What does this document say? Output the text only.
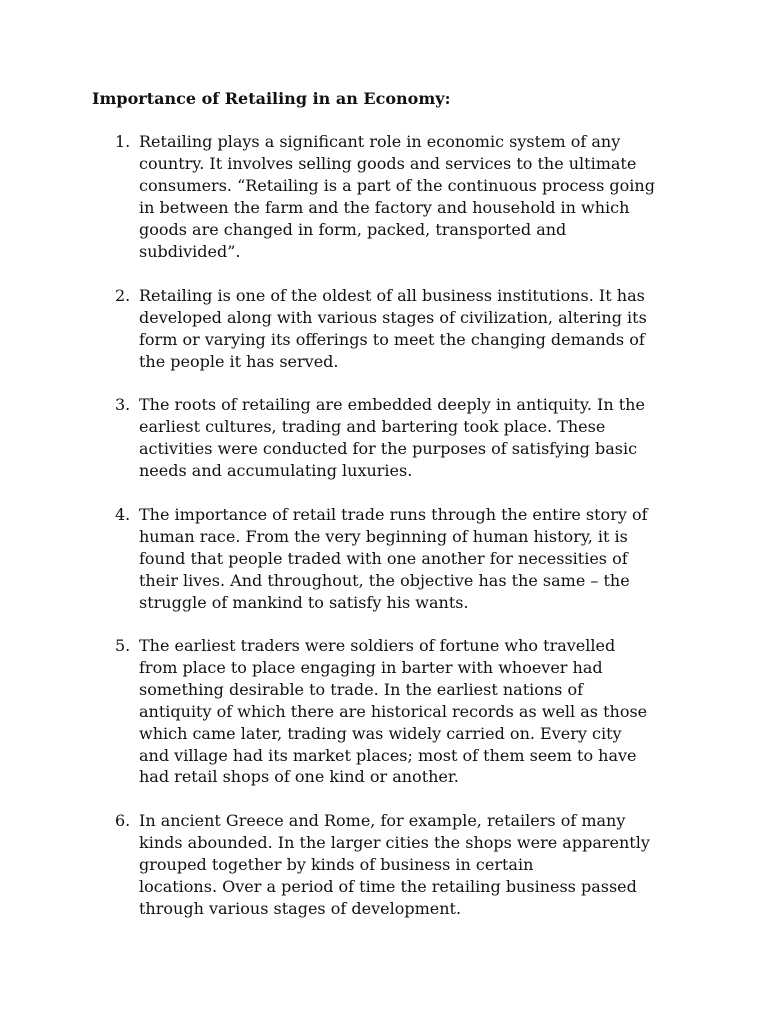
Importance of Retailing in an Economy:
1. Retailing plays a significant role in economic system of any
country. It involves selling goods and services to the ultimate
consumers. “Retailing is a part of the continuous process going
in between the farm and the factory and household in which
goods are changed in form, packed, transported and
subdivided”.
2. Retailing is one of the oldest of all business institutions. It has
developed along with various stages of civilization, altering its
form or varying its offerings to meet the changing demands of
the people it has served.
3. The roots of retailing are embedded deeply in antiquity. In the
earliest cultures, trading and bartering took place. These
activities were conducted for the purposes of satisfying basic
needs and accumulating luxuries.
4. The importance of retail trade runs through the entire story of
human race. From the very beginning of human history, it is
found that people traded with one another for necessities of
their lives. And throughout, the objective has the same – the
struggle of mankind to satisfy his wants.
5. The earliest traders were soldiers of fortune who travelled
from place to place engaging in barter with whoever had
something desirable to trade. In the earliest nations of
antiquity of which there are historical records as well as those
which came later, trading was widely carried on. Every city
and village had its market places; most of them seem to have
had retail shops of one kind or another.
6. In ancient Greece and Rome, for example, retailers of many
kinds abounded. In the larger cities the shops were apparently
grouped together by kinds of business in certain
locations. Over a period of time the retailing business passed
through various stages of development.
